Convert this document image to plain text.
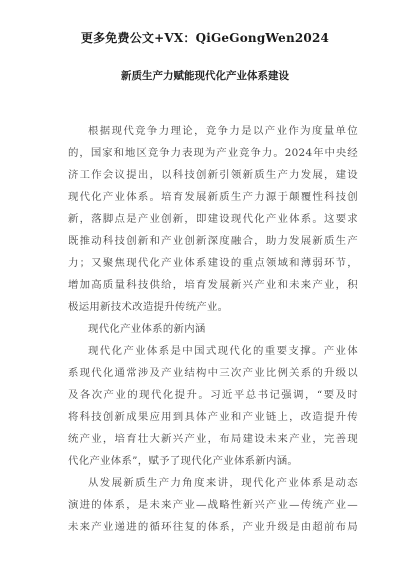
更多免费公文+VX：QiGeGongWen2024
新质生产力赋能现代化产业体系建设
根据现代竞争力理论，竞争力是以产业作为度量单位
的，国家和地区竞争力表现为产业竞争力。2024年中央经
济工作会议提出，以科技创新引领新质生产力发展，建设
现代化产业体系。培育发展新质生产力源于颠覆性科技创
新，落脚点是产业创新，即建设现代化产业体系。这要求
既推动科技创新和产业创新深度融合，助力发展新质生产
力；又聚焦现代化产业体系建设的重点领域和薄弱环节，
增加高质量科技供给，培育发展新兴产业和未来产业，积
极运用新技术改造提升传统产业。
现代化产业体系的新内涵
现代化产业体系是中国式现代化的重要支撑。产业体
系现代化通常涉及产业结构中三次产业比例关系的升级以
及各次产业的现代化提升。习近平总书记强调，“要及时
将科技创新成果应用到具体产业和产业链上，改造提升传
统产业，培育壮大新兴产业，布局建设未来产业，完善现
代化产业体系”，赋予了现代化产业体系新内涵。
从发展新质生产力角度来讲，现代化产业体系是动态
演进的体系，是未来产业—战略性新兴产业—传统产业—
未来产业递进的循环往复的体系，产业升级是由超前布局
